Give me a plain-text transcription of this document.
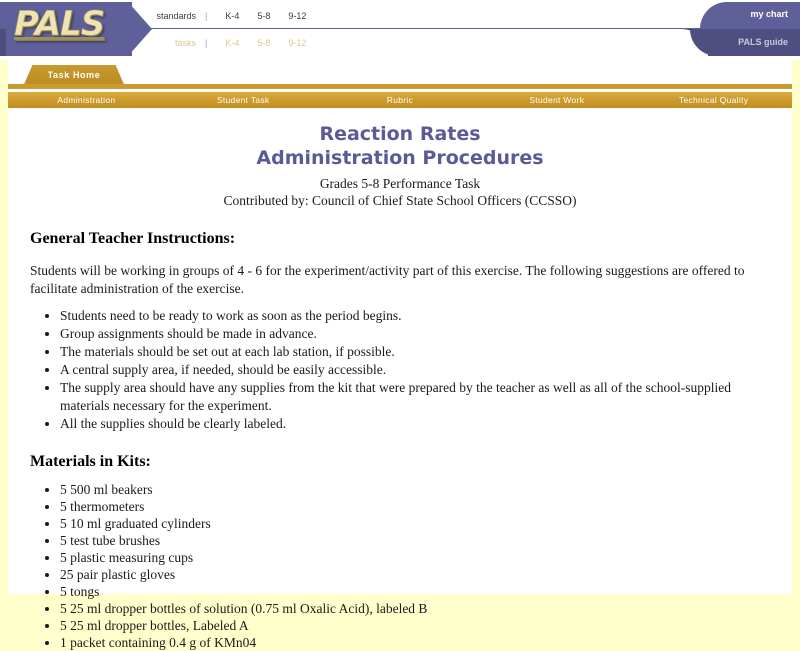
PALS	standards	|	K-4	5-8	9-12
tasks	|	K-4	5-8	9-12
my chart
PALS guide
Task Home
Administration	Student Task	Rubric	Student Work	Technical Quality
Reaction Rates
Administration Procedures
Grades 5-8 Performance Task
Contributed by: Council of Chief State School Officers (CCSSO)
General Teacher Instructions:

Students will be working in groups of 4 - 6 for the experiment/activity part of this exercise. The following suggestions are offered to facilitate administration of the exercise.

• Students need to be ready to work as soon as the period begins.
• Group assignments should be made in advance.
• The materials should be set out at each lab station, if possible.
• A central supply area, if needed, should be easily accessible.
• The supply area should have any supplies from the kit that were prepared by the teacher as well as all of the school-supplied materials necessary for the experiment.
• All the supplies should be clearly labeled.
Materials in Kits:
• 5 500 ml beakers
• 5 thermometers
• 5 10 ml graduated cylinders
• 5 test tube brushes
• 5 plastic measuring cups
• 25 pair plastic gloves
• 5 tongs
• 5 25 ml dropper bottles of solution (0.75 ml Oxalic Acid), labeled B
• 5 25 ml dropper bottles, Labeled A
• 1 packet containing 0.4 g of KMn04
